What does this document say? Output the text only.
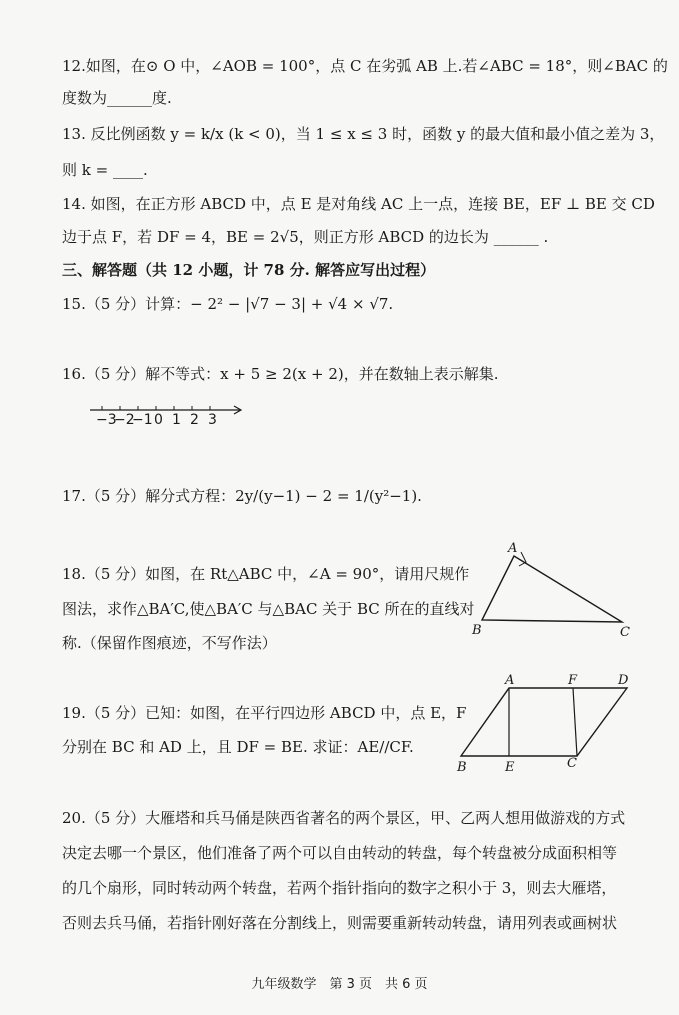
12.如图，在⊙ O 中，∠AOB = 100°，点 C 在劣弧 AB 上.若∠ABC = 18°，则∠BAC 的
度数为______度.
13. 反比例函数 y = k/x (k < 0)，当 1 ≤ x ≤ 3 时，函数 y 的最大值和最小值之差为 3，
则 k = ____.
14. 如图，在正方形 ABCD 中，点 E 是对角线 AC 上一点，连接 BE，EF ⊥ BE 交 CD
边于点 F，若 DF = 4，BE = 2√5，则正方形 ABCD 的边长为 ______ .
三、解答题（共 12 小题，计 78 分. 解答应写出过程）
15.（5 分）计算：− 2² − |√7 − 3| + √4 × √7.
16.（5 分）解不等式：x + 5 ≥ 2(x + 2)，并在数轴上表示解集.
−3
−2
−1 0 1 2 3
17.（5 分）解分式方程：2y/(y−1) − 2 = 1/(y²−1).
18.（5 分）如图，在 Rt△ABC 中，∠A = 90°，请用尺规作
图法，求作△BA′C,使△BA′C 与△BAC 关于 BC 所在的直线对
称.（保留作图痕迹，不写作法）
A
B	C
19.（5 分）已知：如图，在平行四边形 ABCD 中，点 E，F
分别在 BC 和 AD 上，且 DF = BE. 求证：AE//CF.
A	F	D
B	E	C
20.（5 分）大雁塔和兵马俑是陕西省著名的两个景区，甲、乙两人想用做游戏的方式
决定去哪一个景区，他们准备了两个可以自由转动的转盘，每个转盘被分成面积相等
的几个扇形，同时转动两个转盘，若两个指针指向的数字之积小于 3，则去大雁塔，
否则去兵马俑，若指针刚好落在分割线上，则需要重新转动转盘，请用列表或画树状
九年级数学　第 3 页　共 6 页
